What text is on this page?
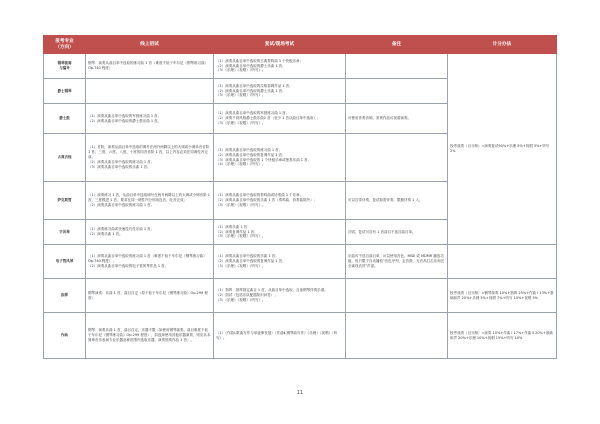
报考专业
（方向）	线上初试	复试/现场考试	备注	计分办法
钢琴演奏
与编导	钢琴：演奏从曲目单中选取的练习曲 1 首（难度不低于车尔尼《钢琴练习曲》Op.740 程度）	（1）演奏从曲目单中选取的古典奏鸣曲 1 个快板乐章；
（2）演奏从曲目单中选取的爵士乐曲 1 首；
（3）《乐理》《视唱》《听写》。		校考成绩（百分制）=演奏复试90%+乐理 5%+视唱 3%+听写 2%

爵士钢琴		（1）演奏从曲目单中选取的拉格泰姆作品 1 首；
（2）演奏从曲目单中选取的爵士乐曲 1 首；
（3）《乐理》《视唱》《听写》。		

爵士鼓	（1）演奏从曲目单中选取的军鼓练习曲 1 首；
（2）演奏从曲目单中选取的爵士鼓乐曲 1 首。	（1）演奏从曲目单中选取的军鼓练习曲 1 首；
（2）演奏不同风格爵士鼓乐曲2 首（至少 1 首从曲目单中选取）；
（3）《乐理》《视唱》《听写》。	可使用伴奏音响，常规作品可视谱演奏。	

古典吉他	（1）音阶，演奏从曲目单中选取的调号在两升两降以上的大调或小调单音音阶 1 首；三度、六度、八度、十度的同音音阶 1 首，以上内容必须在同调性内完成；
（2）演奏从曲目单中选取的练习曲 1 首；
（3）演奏从曲目单中选取的乐曲 1 首。	（1）演奏从曲目单中选取的练习曲 1 首；
（2）演奏从曲目单中选取的复调作品 1 首；
（3）演奏从曲目单中选取的 1 个快板乐章或独奏乐曲 1 首；
（4）《乐理》《视唱》《听写》。		

萨克斯管	（1）演奏练习 1 首，从曲目单中选取调号在两升两降以上的大调或小调音阶 1 首，三度模进 1 首，要求在同一调性内分别用连音、吐音完成；
（2）演奏从曲目单中选取的练习曲 1 首。	（1）演奏从曲目单中选取的奏鸣曲或协奏曲 1 个乐章；
（2）演奏从曲目单中选取的乐曲 1 首（奏鸣曲、协奏曲除外）；
（3）《乐理》《视唱》《听写》。	可以自带伴奏，复试如需伴奏，限额伴奏 1 人。	

手风琴	（1）演奏练习曲或快速技巧性乐曲 1 首；
（2）演奏乐曲 1 首。	（1）演奏乐曲 1 首；
（2）演奏复调作品 1 首；
（3）《乐理》《视唱》《听写》。	初试，复试可各有 1 首曲目不选自曲目单。	

电子管风琴	（1）演奏从曲目单中选取的练习曲 1 首（难度不低于车尔尼《钢琴练习曲》Op.740 程度）；
（2）演奏从曲目单中选取的电子管风琴作品 1 首。	（1）演奏从曲目单中选取的乐曲 1 首；
（2）演奏从曲目单中选取的复调作品 1 首；
（3）《乐理》《视唱》《听写》。	乐曲可不选自曲目单，可以使用音色，MIDI 或 MDMR 播放功能，但只限于自动播放"音色序列、定音鼓、无音高打击乐和完全离线音效"声部。	

指挥	钢琴演奏：乐曲 1 首，曲目自定（原不低于车尔尼《钢琴练习曲》Op.299 程度）	（1）指挥：指挥指定曲目 1 首，从曲目单中选取，自备钢琴伴奏乐谱。
（2）面试（包括乐队配器知识问答）；
（3）《乐理》《视唱》《听写》。		校考成绩（百分制）=钢琴演奏 10%+指挥 25%+作曲 Ⅰ 13%+基础和声 20%+乐理 5%+视唱 7%+听写 10%+视唱 5%

作曲	钢琴：演奏乐曲 1 首，曲目自定，乐器不限（如使用钢琴演奏，曲目难度不低于车尔尼《钢琴练习曲》Op.299 程度），如选择使用其他乐器演奏，则应从本简章音乐表演专业乐器品种范围内选取乐器，演奏独奏作品 1 首）。	（1）《作曲Ⅰ-歌曲写作与单旋律发展》《作曲Ⅱ-钢琴曲写作》《乐理》《视唱》《听写》。		校考成绩（百分制）=演奏 10%+作曲 Ⅰ 17%+作曲 Ⅱ 20%+基础和声 20%+乐理 10%+视唱 15%+听写 10%
11
